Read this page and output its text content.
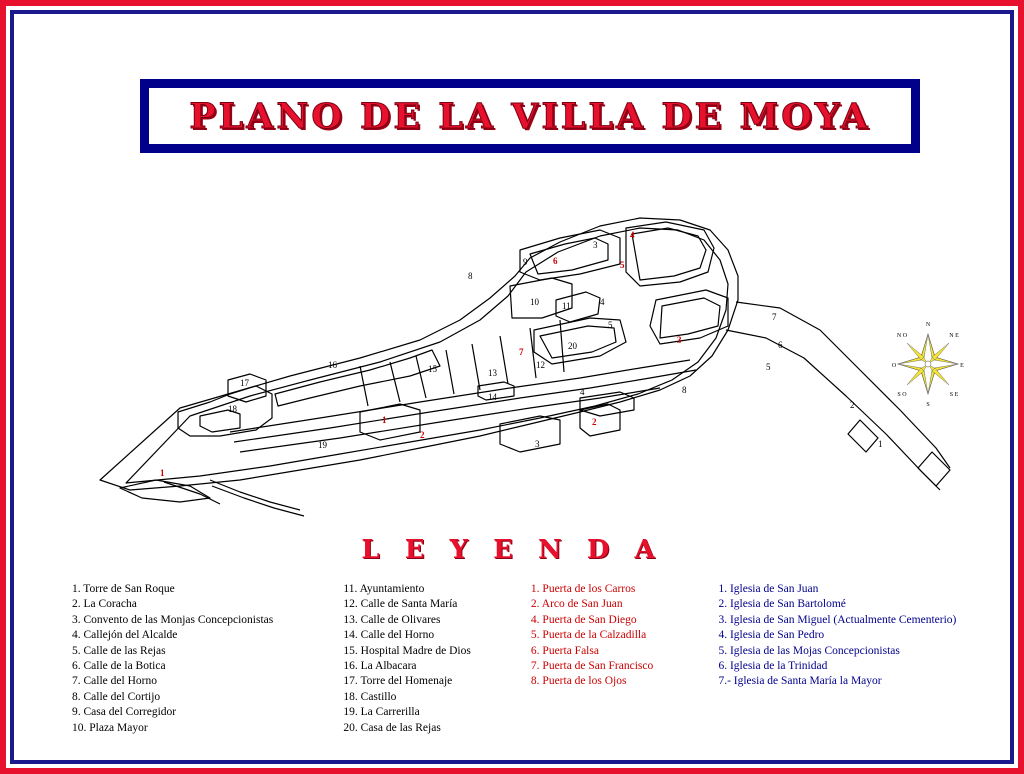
PLANO DE LA VILLA DE MOYA
3
9
8
10	11	4
5
20
7
6
5
16	15	13
12
17
18
8
14	4
19	3
2
1
1
1
2
2
4
5
6
7
3
N
S
E
O
N E
N O
S E
S O
L E Y E N D A
1. Torre de San Roque
2. La Coracha
3. Convento de las Monjas Concepcionistas
4. Callejón del Alcalde
5. Calle de las Rejas
6. Calle de la Botica
7. Calle del Horno
8. Calle del Cortijo
9. Casa del Corregidor
10. Plaza Mayor
11. Ayuntamiento
12. Calle de Santa María
13. Calle de Olivares
14. Calle del Horno
15. Hospital Madre de Dios
16. La Albacara
17. Torre del Homenaje
18. Castillo
19. La Carrerilla
20. Casa de las Rejas
1. Puerta de los Carros
2. Arco de San Juan
4. Puerta de San Diego
5. Puerta de la Calzadilla
6. Puerta Falsa
7. Puerta de San Francisco
8. Puerta de los Ojos
1. Iglesia de San Juan
2. Iglesia de San Bartolomé
3. Iglesia de San Miguel (Actualmente Cementerio)
4. Iglesia de San Pedro
5. Iglesia de las Mojas Concepcionistas
6. Iglesia de la Trinidad
7.- Iglesia de Santa María la Mayor
